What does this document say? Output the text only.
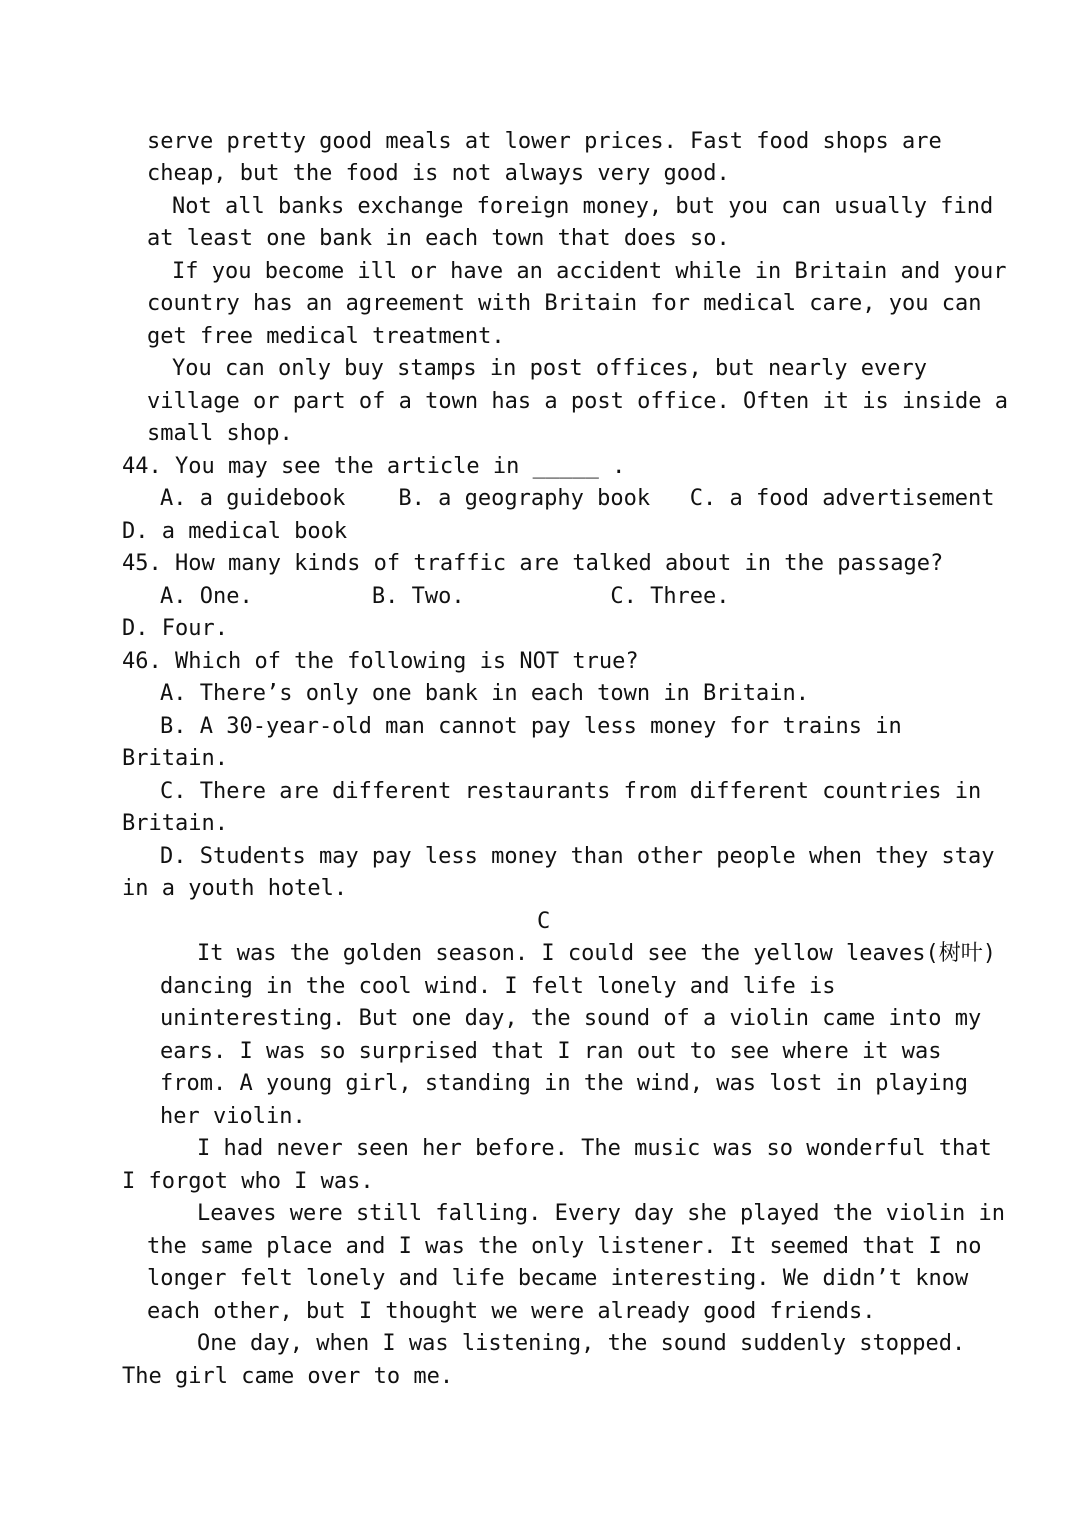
serve pretty good meals at lower prices. Fast food shops are
cheap, but the food is not always very good.
Not all banks exchange foreign money, but you can usually find
at least one bank in each town that does so.
If you become ill or have an accident while in Britain and your
country has an agreement with Britain for medical care, you can
get free medical treatment.
You can only buy stamps in post offices, but nearly every
village or part of a town has a post office. Often it is inside a
small shop.
44. You may see the article in _____ .
A. a guidebook    B. a geography book   C. a food advertisement
D. a medical book
45. How many kinds of traffic are talked about in the passage?
A. One.         B. Two.           C. Three.
D. Four.
46. Which of the following is NOT true?
A. There’s only one bank in each town in Britain.
B. A 30-year-old man cannot pay less money for trains in
Britain.
C. There are different restaurants from different countries in
Britain.
D. Students may pay less money than other people when they stay
in a youth hotel.
C
It was the golden season. I could see the yellow leaves(树叶)
dancing in the cool wind. I felt lonely and life is
uninteresting. But one day, the sound of a violin came into my
ears. I was so surprised that I ran out to see where it was
from. A young girl, standing in the wind, was lost in playing
her violin.
I had never seen her before. The music was so wonderful that
I forgot who I was.
Leaves were still falling. Every day she played the violin in
the same place and I was the only listener. It seemed that I no
longer felt lonely and life became interesting. We didn’t know
each other, but I thought we were already good friends.
One day, when I was listening, the sound suddenly stopped.
The girl came over to me.
